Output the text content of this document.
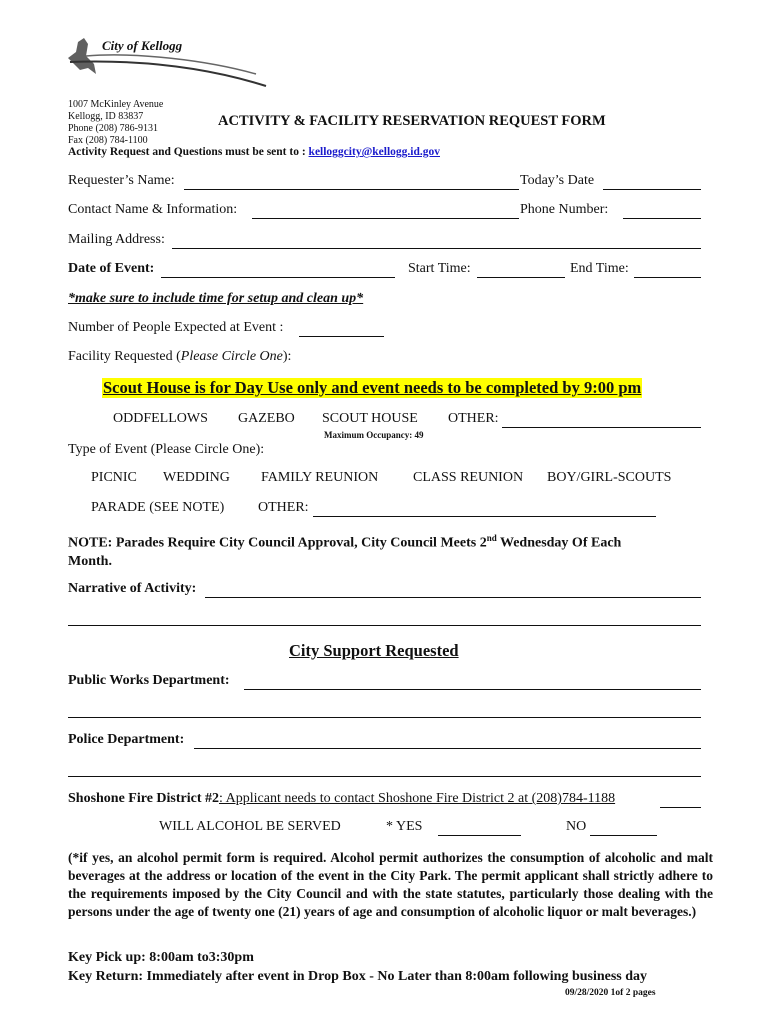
City of Kellogg
1007 McKinley Avenue
Kellogg, ID 83837
Phone (208) 786-9131
Fax (208) 784-1100
ACTIVITY & FACILITY RESERVATION REQUEST FORM
Activity Request and Questions must be sent to : kelloggcity@kellogg.id.gov
Requester’s Name:	Today’s Date
Contact Name & Information:	Phone Number:
Mailing Address:
Date of Event:	Start Time:	End Time:
*make sure to include time for setup and clean up*
Number of People Expected at Event :
Facility Requested (Please Circle One):
Scout House is for Day Use only and event needs to be completed by 9:00 pm
ODDFELLOWS GAZEBO SCOUT HOUSE OTHER:
Maximum Occupancy: 49
Type of Event (Please Circle One):
PICNIC WEDDING FAMILY REUNION CLASS REUNION BOY/GIRL-SCOUTS
PARADE (SEE NOTE) OTHER:
NOTE: Parades Require City Council Approval, City Council Meets 2nd Wednesday Of Each
Month.
Narrative of Activity:
City Support Requested
Public Works Department:
Police Department:
Shoshone Fire District #2: Applicant needs to contact Shoshone Fire District 2 at (208)784-1188
WILL ALCOHOL BE SERVED	* YES	NO
(*if yes, an alcohol permit form is required. Alcohol permit authorizes the consumption of alcoholic and malt beverages at the address or location of the event in the City Park. The permit applicant shall strictly adhere to the requirements imposed by the City Council and with the state statutes, particularly those dealing with the persons under the age of twenty one (21) years of age and consumption of alcoholic liquor or malt beverages.)
Key Pick up: 8:00am to3:30pm
Key Return: Immediately after event in Drop Box - No Later than 8:00am following business day
09/28/2020 1of 2 pages
